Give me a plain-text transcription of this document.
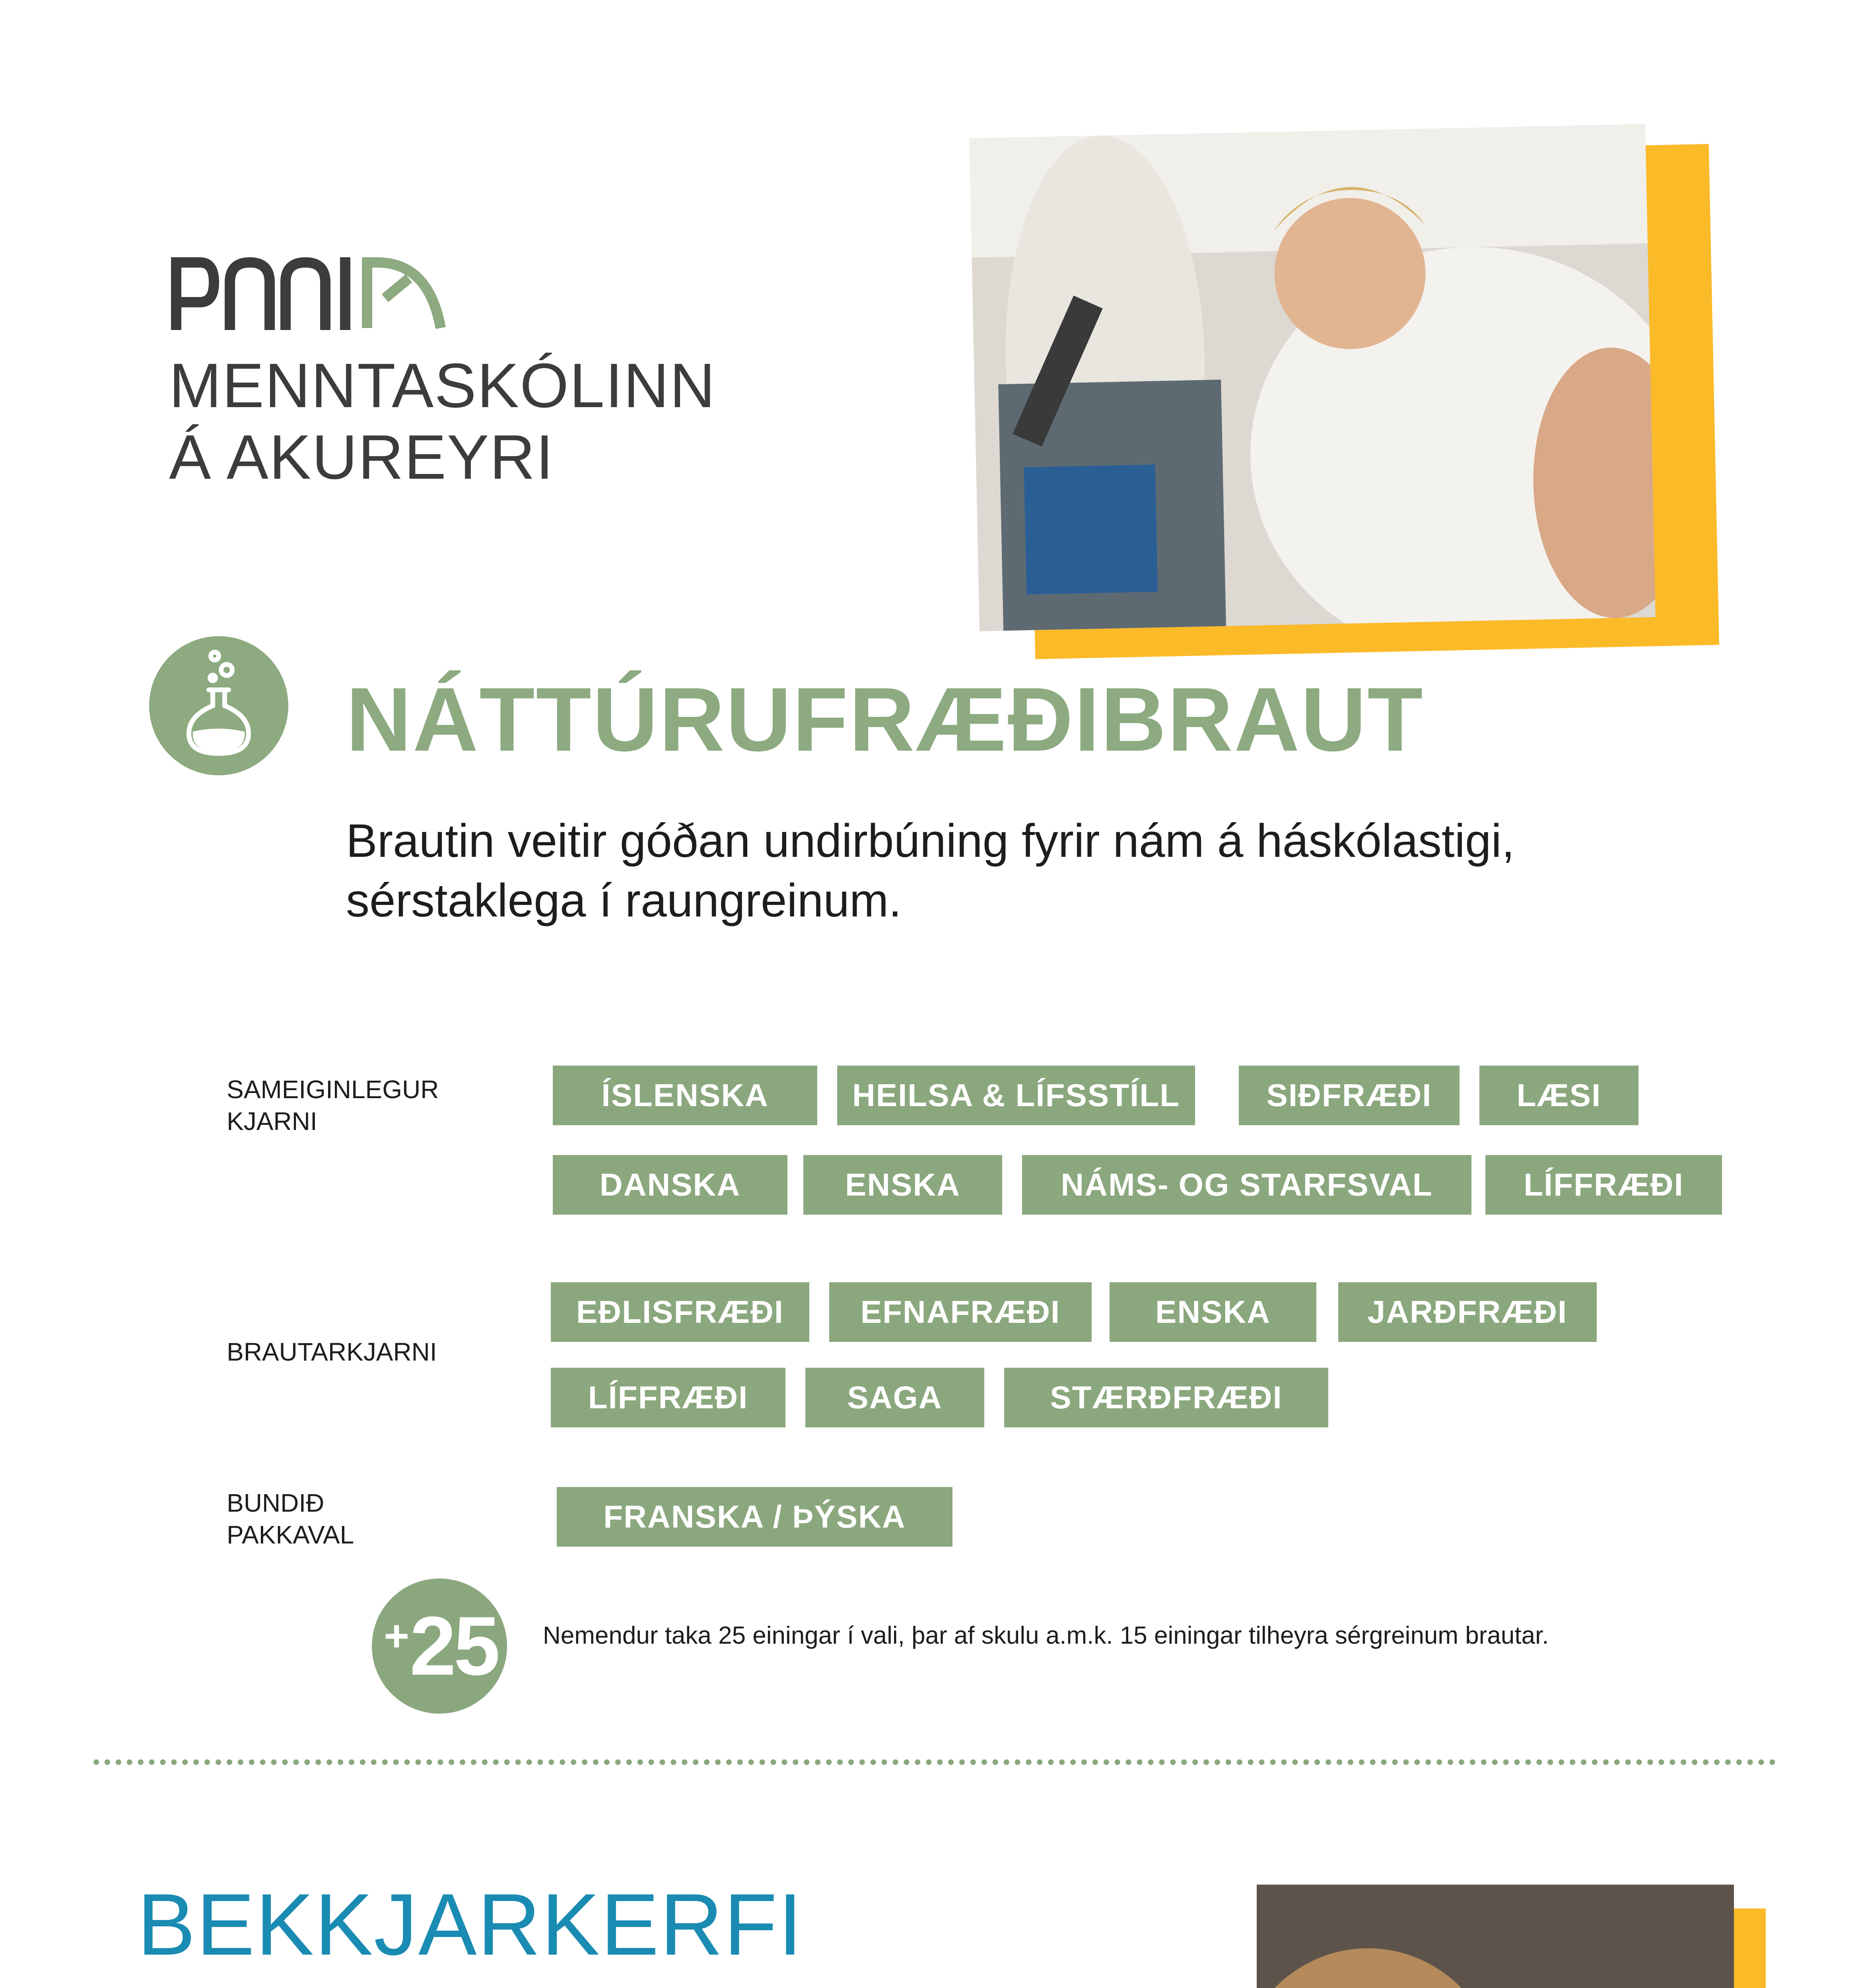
MENNTASKÓLINN
Á AKUREYRI
NÁTTÚRUFRÆÐIBRAUT
Brautin veitir góðan undirbúning fyrir nám á háskólastigi, sérstaklega í raungreinum.
SAMEIGINLEGUR
KJARNI
ÍSLENSKA	HEILSA & LÍFSSTÍLL	SIÐFRÆÐI	LÆSI
DANSKA	ENSKA	NÁMS- OG STARFSVAL	LÍFFRÆÐI
BRAUTARKJARNI
EÐLISFRÆÐI	EFNAFRÆÐI	ENSKA	JARÐFRÆÐI
LÍFFRÆÐI	SAGA	STÆRÐFRÆÐI
BUNDIÐ
PAKKAVAL
FRANSKA / ÞÝSKA
+ 25 Nemendur taka 25 einingar í vali, þar af skulu a.m.k. 15 einingar tilheyra sérgreinum brautar.
BEKKJARKERFI
